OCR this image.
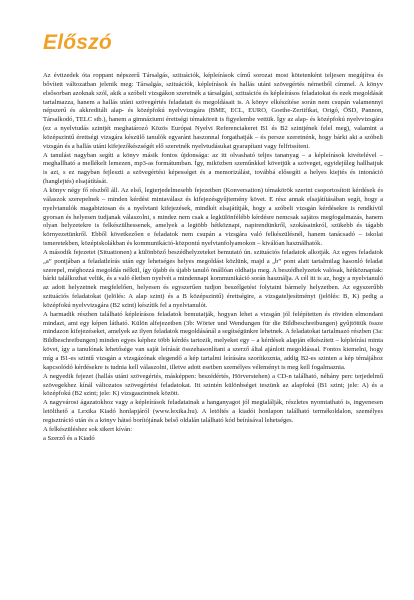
Előszó

Az évtizedek óta roppant népszerű Társalgás, szituációk, képleírások című sorozat most kötetenként teljesen megújítva és bővített változatban jelenik meg: Társalgás, szituációk, képleírások és hallás utáni szövegértés németből címmel. A könyv elsősorban azoknak szól, akik a szóbeli vizsgákon szeretnék a társalgási, szituációs és képleírásos feladatokat és ezek megoldását tartalmazza, hanem a hallás utáni szövegértés feladatait és megoldásait is. A könyv elkészítése során nem csupán valamennyi népszerű és akkreditált alap- és középfokú nyelvvizsgára (BME, ECL, EURO, Goethe-Zertifikat, Origó, ÖSD, Pannon, Társalkodó, TELC stb.), hanem a gimnáziumi érettségi témaköreit is figyelembe vettük. Így az alap- és középfokú nyelvvizsgára (ez a nyelvtudás szintjét meghatározó Közös Európai Nyelvi Referenciakeret B1 és B2 szintjének felel meg), valamint a középszintű érettségi vizsgára készülő tanulók egyaránt haszonnal forgathatják – és persze szeretnénk, hogy bárki aki a szóbeli vizsgán és a hallás utáni kifejezőkészségét elő szeretnék nyelvtudásukat gyarapítani vagy felfrissíteni.

A tanulást nagyban segíti a könyv másik fontos újdonsága: az itt olvasható teljes tananyag – a képleírások kivételével – meghallható a mellékelt lemezen, mp3-as formátumban. Így, miközben szeműnkkel követjük a szöveget, egyidejűleg hallhatjuk is azt, s ez nagyban fejleszti a szövegértési képességet és a memorizálást, továbbá elősegíti a helyes kiejtés és intonáció (hanglejtés) elsajátítását.

A könyv négy fő részből áll. Az első, legterjedelmesebb fejezetben (Konversation) témakörök szerint csoportosított kérdések és válaszok szerepelnek – minden kérdést mintaválasz és kifejezésgyűjtemény követ. E rész annak elsajátításában segít, hogy a nyelvtanulók magabiztosan és a nyelvtani kifejezések, mindkét elsajátítják, hogy a szóbeli vizsgán kérdésekre is rendkívül gyorsan és helyesen tudjanak válaszolni, s mindez nem csak a legkülönfélébb kérdésre nemcsak sajátos megfogalmazás, hanem olyan helyzetekre is felkészülhessenek, amelyek a legtöbb hétköznapi, napirendünkről, szokásainkról, szükebb és tágabb környezetünkről. Ebből következően e feladatok nem csupán a vizsgára való felkészülésnél, hanem tanácsadó – iskolai ismeretekben, középiskolákban és kommunikáció-központú nyelvtanfolyamokon – kiválóan használhatók.

A második fejezetet (Situationen) a különböző beszédhelyzeteket bemutató ún. szituációs feladatok alkotják. Az egyes feladatok „a” pontjában a feladatleírás után egy lehetséges helyes megoldást közlünk, majd a „b” pont alatt tartalmilag hasonló feladat szerepel, méghozzá megoldás nélkül, így újabb és újabb tanuló önállóan oldhatja meg. A beszédhelyzetek valósak, hétköznapiak: bárki találkozhat velük, és a való életben nyelvét a mindennapi kommunikáció során használja. A cél itt is az, hogy a nyelvtanuló az adott helyzetnek megfelelően, helyesen és egyszerűen tudjon beszélgetést folytatni bármely helyzetben. Az egyszerűbb szituációs feladatokat (jelölés: A alap szint) és a B középszintű) érettségire, a vizsgateljesítményt (jelölés: B, K) pedig a középfokú nyelvvizsgára (B2 szint) készítik fel a nyelvtanulót.

A harmadik részben található képleírásos feladatok bemutatják, hogyan lehet a vizsgán jól felépítetten és röviden elmondani mindazt, ami egy képen látható. Külön alfejezetben (3b: Wörter und Wendungen für die Bildbeschreibungen) gyűjtöttük össze mindazon kifejezéseket, amelyek az ilyen feladatok megoldásánál a segítségünkre lehetnek. A feladatokat tartalmazó részben (3a: Bildbeschreibungen) minden egyes képhez több kérdés tartozik, melyeket egy – a kérdések alapján elkészített – képleírási minta követ, így a tanulónak lehetősége van saját leírását összehasonlítani a szerző által ajánlott megoldással. Fontos kiemelni, hogy míg a B1-es szintű vizsgán a vizsgázónak elegendő a kép tartalmi leírására szorítkoznia, addig B2-es szinten a kép témájához kapcsolódó kérdésekre is tudnia kell válaszolni, illetve adott esetben személyes véleményt is meg kell fogalmaznia.

A negyedik fejezet (hallás utáni szövegértés, másképpen: beszédértés, Hörverstehen) a CD-n található, néhány perc terjedelmű szövegekhez kínál változatos szövegértési feladatokat. Itt szintén különbséget teszünk az alapfokú (B1 szint; jele: A) és a középfokú (B2 szint; jele: K) vizsgaszintnek között.

A nagyvárosi ágazatokhoz vagy a képleírások feladatainak a hanganyagot jól megtalálják, részletes nyomtatható is, ingyenesen letölthető a Lexika Kiadó honlapjáról (www.lexika.hu). A letöltés a kiadói honlapon található termékoldalon, személyes regisztráció után és a könyv hátsó borítójának belső oldalán található kód beírásával lehetséges.

A felkészüléshez sok sikert kíván:

a Szerző és a Kiadó
